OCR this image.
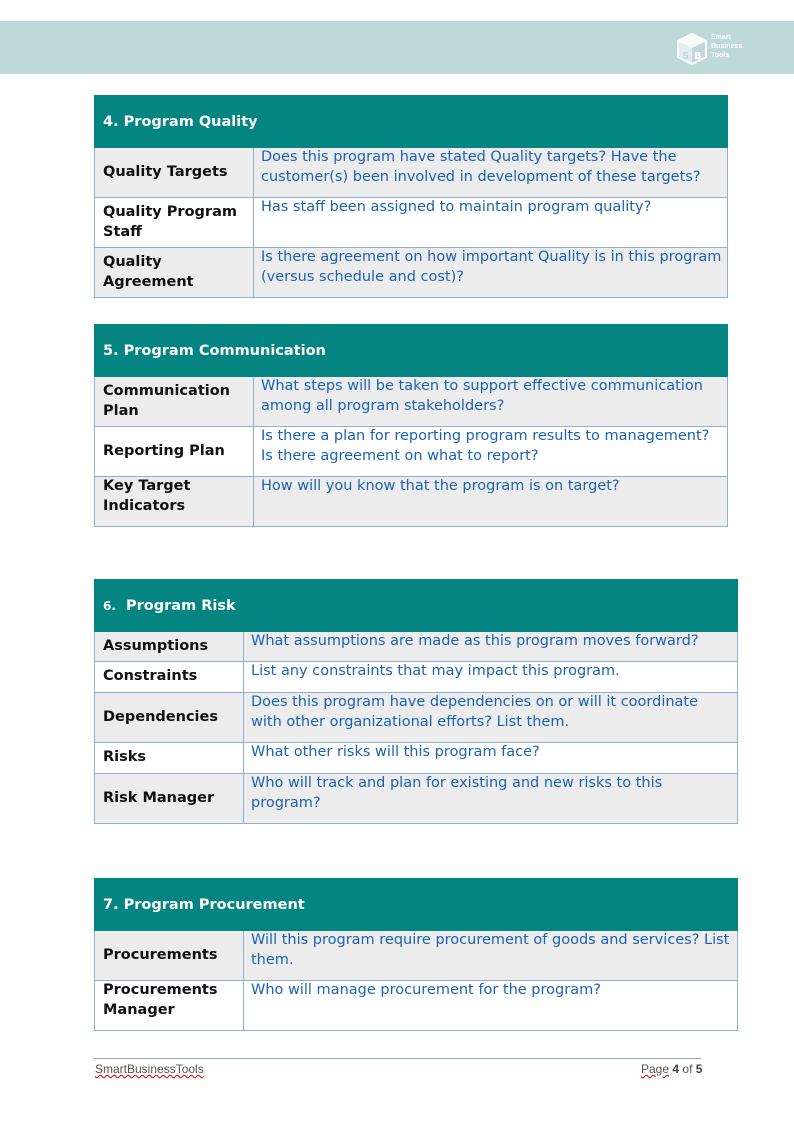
S B
Smart
Business
Tools
4. Program Quality	
Quality Targets	Does this program have stated Quality targets? Have the customer(s) been involved in development of these targets?
Quality Program Staff	Has staff been assigned to maintain program quality?
Quality Agreement	Is there agreement on how important Quality is in this program (versus schedule and cost)?
5. Program Communication	
Communication Plan	What steps will be taken to support effective communication among all program stakeholders?
Reporting Plan	Is there a plan for reporting program results to management? Is there agreement on what to report?
Key Target Indicators	How will you know that the program is on target?
6. Program Risk	
Assumptions	What assumptions are made as this program moves forward?
Constraints	List any constraints that may impact this program.
Dependencies	Does this program have dependencies on or will it coordinate with other organizational efforts? List them.
Risks	What other risks will this program face?
Risk Manager	Who will track and plan for existing and new risks to this program?
7. Program Procurement	
Procurements	Will this program require procurement of goods and services? List them.
Procurements Manager	Who will manage procurement for the program?
SmartBusinessTools	Page 4 of 5
